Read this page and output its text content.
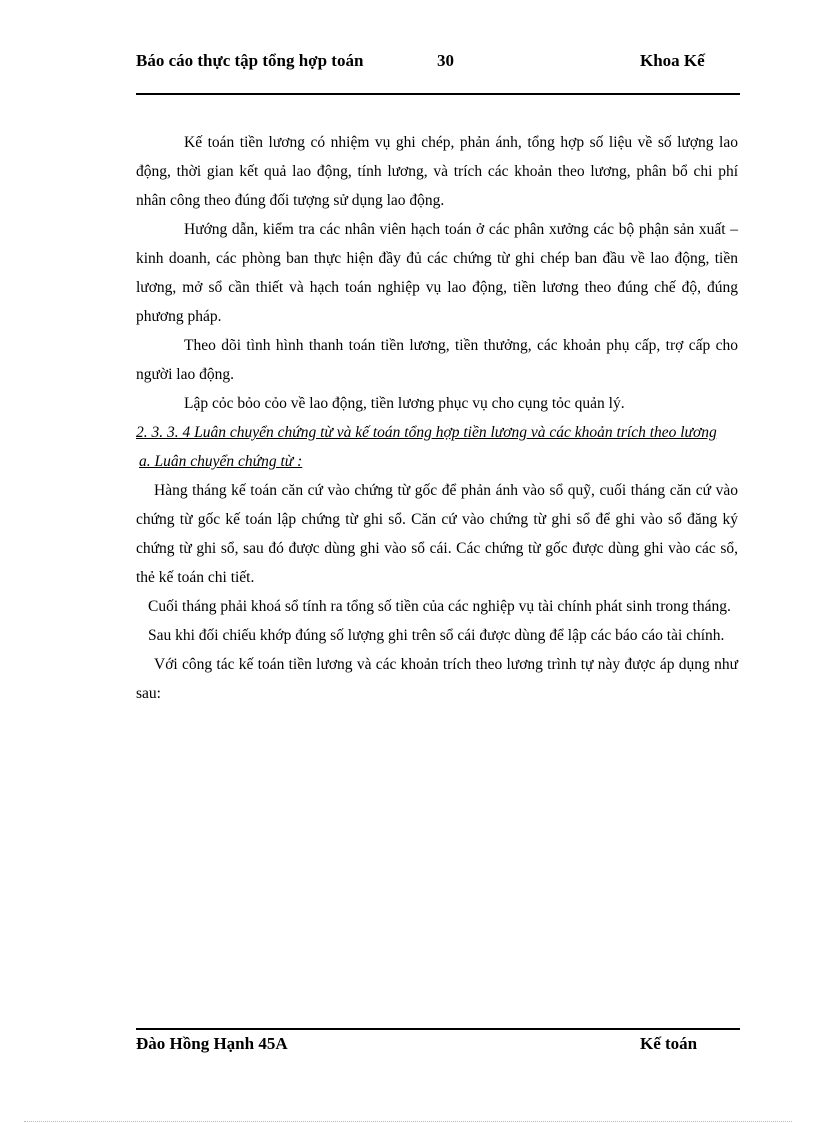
Báo cáo thực tập tổng hợp toán	30	Khoa Kế

Kế toán tiền lương có nhiệm vụ ghi chép, phản ánh, tổng hợp số liệu về số lượng lao động, thời gian kết quả lao động, tính lương, và trích các khoản theo lương, phân bổ chi phí nhân công theo đúng đối tượng sử dụng lao động.

Hướng dẫn, kiểm tra các nhân viên hạch toán ở các phân xưởng các bộ phận sản xuất –kinh doanh, các phòng ban thực hiện đầy đủ các chứng từ ghi chép ban đầu về lao động, tiền lương, mở sổ cần thiết và hạch toán nghiệp vụ lao động, tiền lương theo đúng chế độ, đúng phương pháp.

Theo dõi tình hình thanh toán tiền lương, tiền thưởng, các khoản phụ cấp, trợ cấp cho người lao động.

Lập cỏc bỏo cỏo về lao động, tiền lương phục vụ cho cụng tỏc quản lý.

2. 3. 3. 4 Luân chuyển chứng từ và kế toán tổng hợp tiền lương và các khoản trích theo lương

a. Luân chuyển chứng từ :

Hàng tháng kế toán căn cứ vào chứng từ gốc để phản ánh vào sổ quỹ, cuối tháng căn cứ vào chứng từ gốc kế toán lập chứng từ ghi sổ. Căn cứ vào chứng từ ghi sổ để ghi vào sổ đăng ký chứng từ ghi sổ, sau đó được dùng ghi vào sổ cái. Các chứng từ gốc được dùng ghi vào các sổ, thẻ kế toán chi tiết.

Cuối tháng phải khoá sổ tính ra tổng số tiền của các nghiệp vụ tài chính phát sinh trong tháng.

Sau khi đối chiếu khớp đúng số lượng ghi trên sổ cái được dùng để lập các báo cáo tài chính.

Với công tác kế toán tiền lương và các khoản trích theo lương trình tự này được áp dụng như sau:

Đào Hồng Hạnh 45A	Kế toán
